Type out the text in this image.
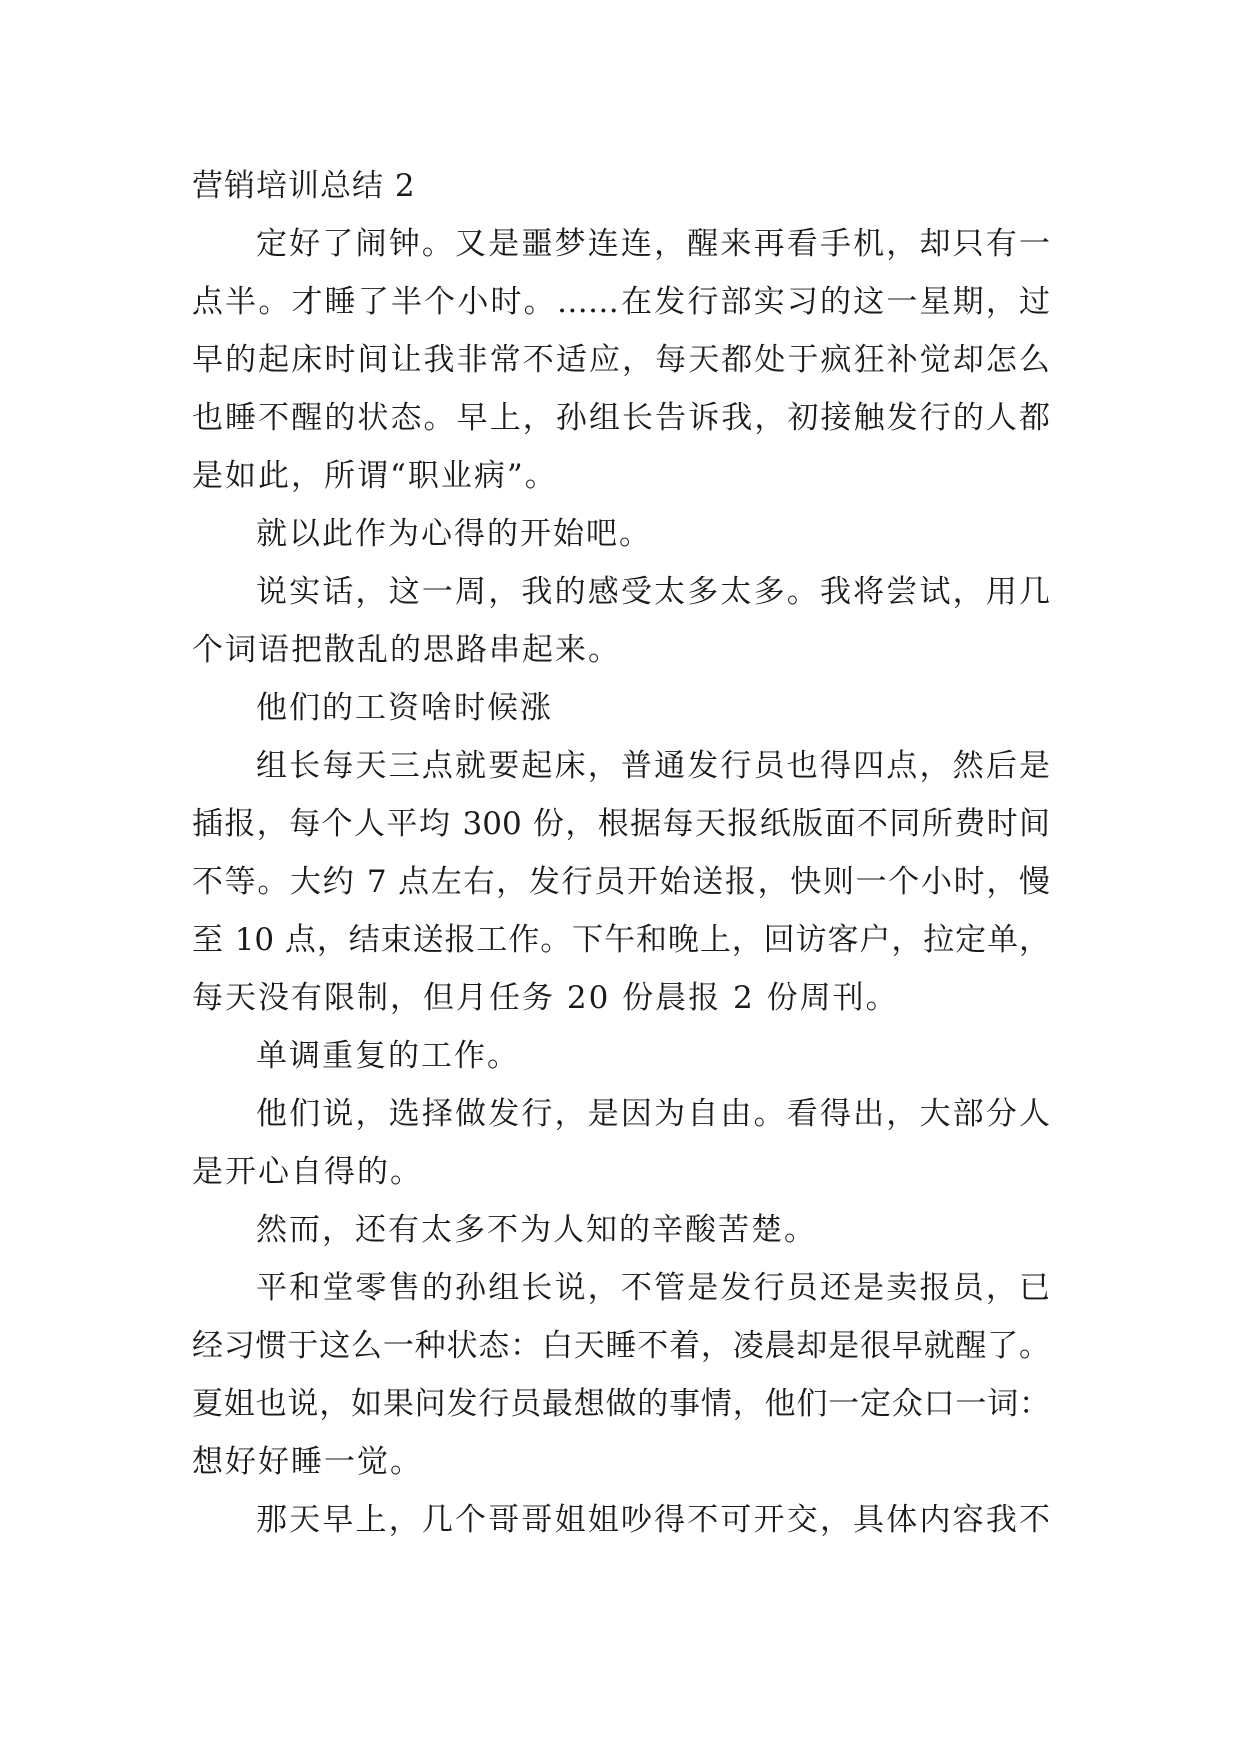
营销培训总结 2
定好了闹钟。又是噩梦连连，醒来再看手机，却只有一
点半。才睡了半个小时。……在发行部实习的这一星期，过
早的起床时间让我非常不适应，每天都处于疯狂补觉却怎么
也睡不醒的状态。早上，孙组长告诉我，初接触发行的人都
是如此，所谓“职业病”。
就以此作为心得的开始吧。
说实话，这一周，我的感受太多太多。我将尝试，用几
个词语把散乱的思路串起来。
他们的工资啥时候涨
组长每天三点就要起床，普通发行员也得四点，然后是
插报，每个人平均 300 份，根据每天报纸版面不同所费时间
不等。大约 7 点左右，发行员开始送报，快则一个小时，慢
至 10 点，结束送报工作。下午和晚上，回访客户，拉定单，
每天没有限制，但月任务 20 份晨报 2 份周刊。
单调重复的工作。
他们说，选择做发行，是因为自由。看得出，大部分人
是开心自得的。
然而，还有太多不为人知的辛酸苦楚。
平和堂零售的孙组长说，不管是发行员还是卖报员，已
经习惯于这么一种状态：白天睡不着，凌晨却是很早就醒了。
夏姐也说，如果问发行员最想做的事情，他们一定众口一词：
想好好睡一觉。
那天早上，几个哥哥姐姐吵得不可开交，具体内容我不
